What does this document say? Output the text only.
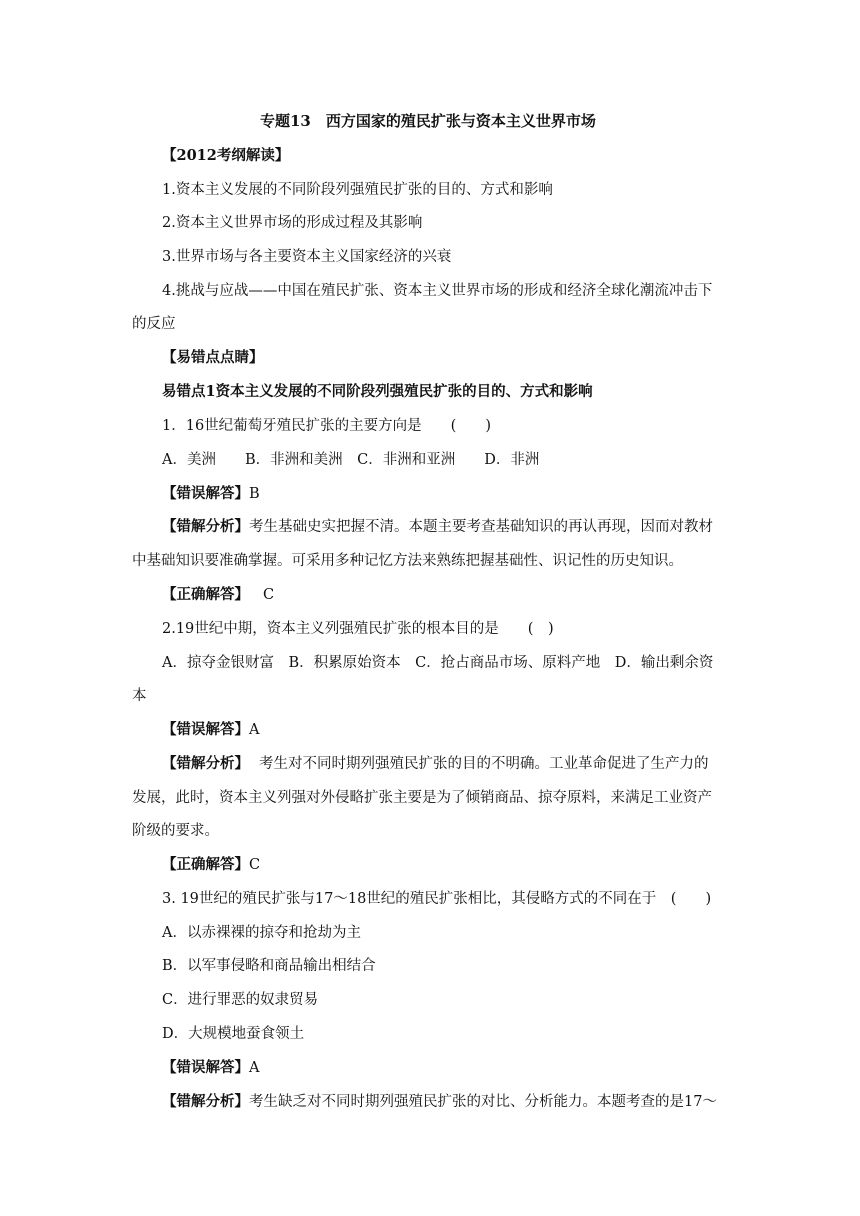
专题13　西方国家的殖民扩张与资本主义世界市场
【2012考纲解读】
1.资本主义发展的不同阶段列强殖民扩张的目的、方式和影响
2.资本主义世界市场的形成过程及其影响
3.世界市场与各主要资本主义国家经济的兴衰
4.挑战与应战——中国在殖民扩张、资本主义世界市场的形成和经济全球化潮流冲击下
的反应
【易错点点睛】
易错点1资本主义发展的不同阶段列强殖民扩张的目的、方式和影响
1．16世纪葡萄牙殖民扩张的主要方向是　　(　　)
A．美洲　　B．非洲和美洲　C．非洲和亚洲　　D．非洲
【错误解答】B
【错解分析】考生基础史实把握不清。本题主要考查基础知识的再认再现，因而对教材
中基础知识要准确掌握。可采用多种记忆方法来熟练把握基础性、识记性的历史知识。
【正确解答】 C
2.19世纪中期，资本主义列强殖民扩张的根本目的是　　(　)
A．掠夺金银财富　B．积累原始资本　C．抢占商品市场、原料产地　D．输出剩余资
本
【错误解答】A
【错解分析】 考生对不同时期列强殖民扩张的目的不明确。工业革命促进了生产力的
发展，此时，资本主义列强对外侵略扩张主要是为了倾销商品、掠夺原料，来满足工业资产
阶级的要求。
【正确解答】C
3. 19世纪的殖民扩张与17～18世纪的殖民扩张相比，其侵略方式的不同在于　(　　)
A．以赤裸裸的掠夺和抢劫为主
B．以军事侵略和商品输出相结合
C．进行罪恶的奴隶贸易
D．大规模地蚕食领土
【错误解答】A
【错解分析】考生缺乏对不同时期列强殖民扩张的对比、分析能力。本题考查的是17～
